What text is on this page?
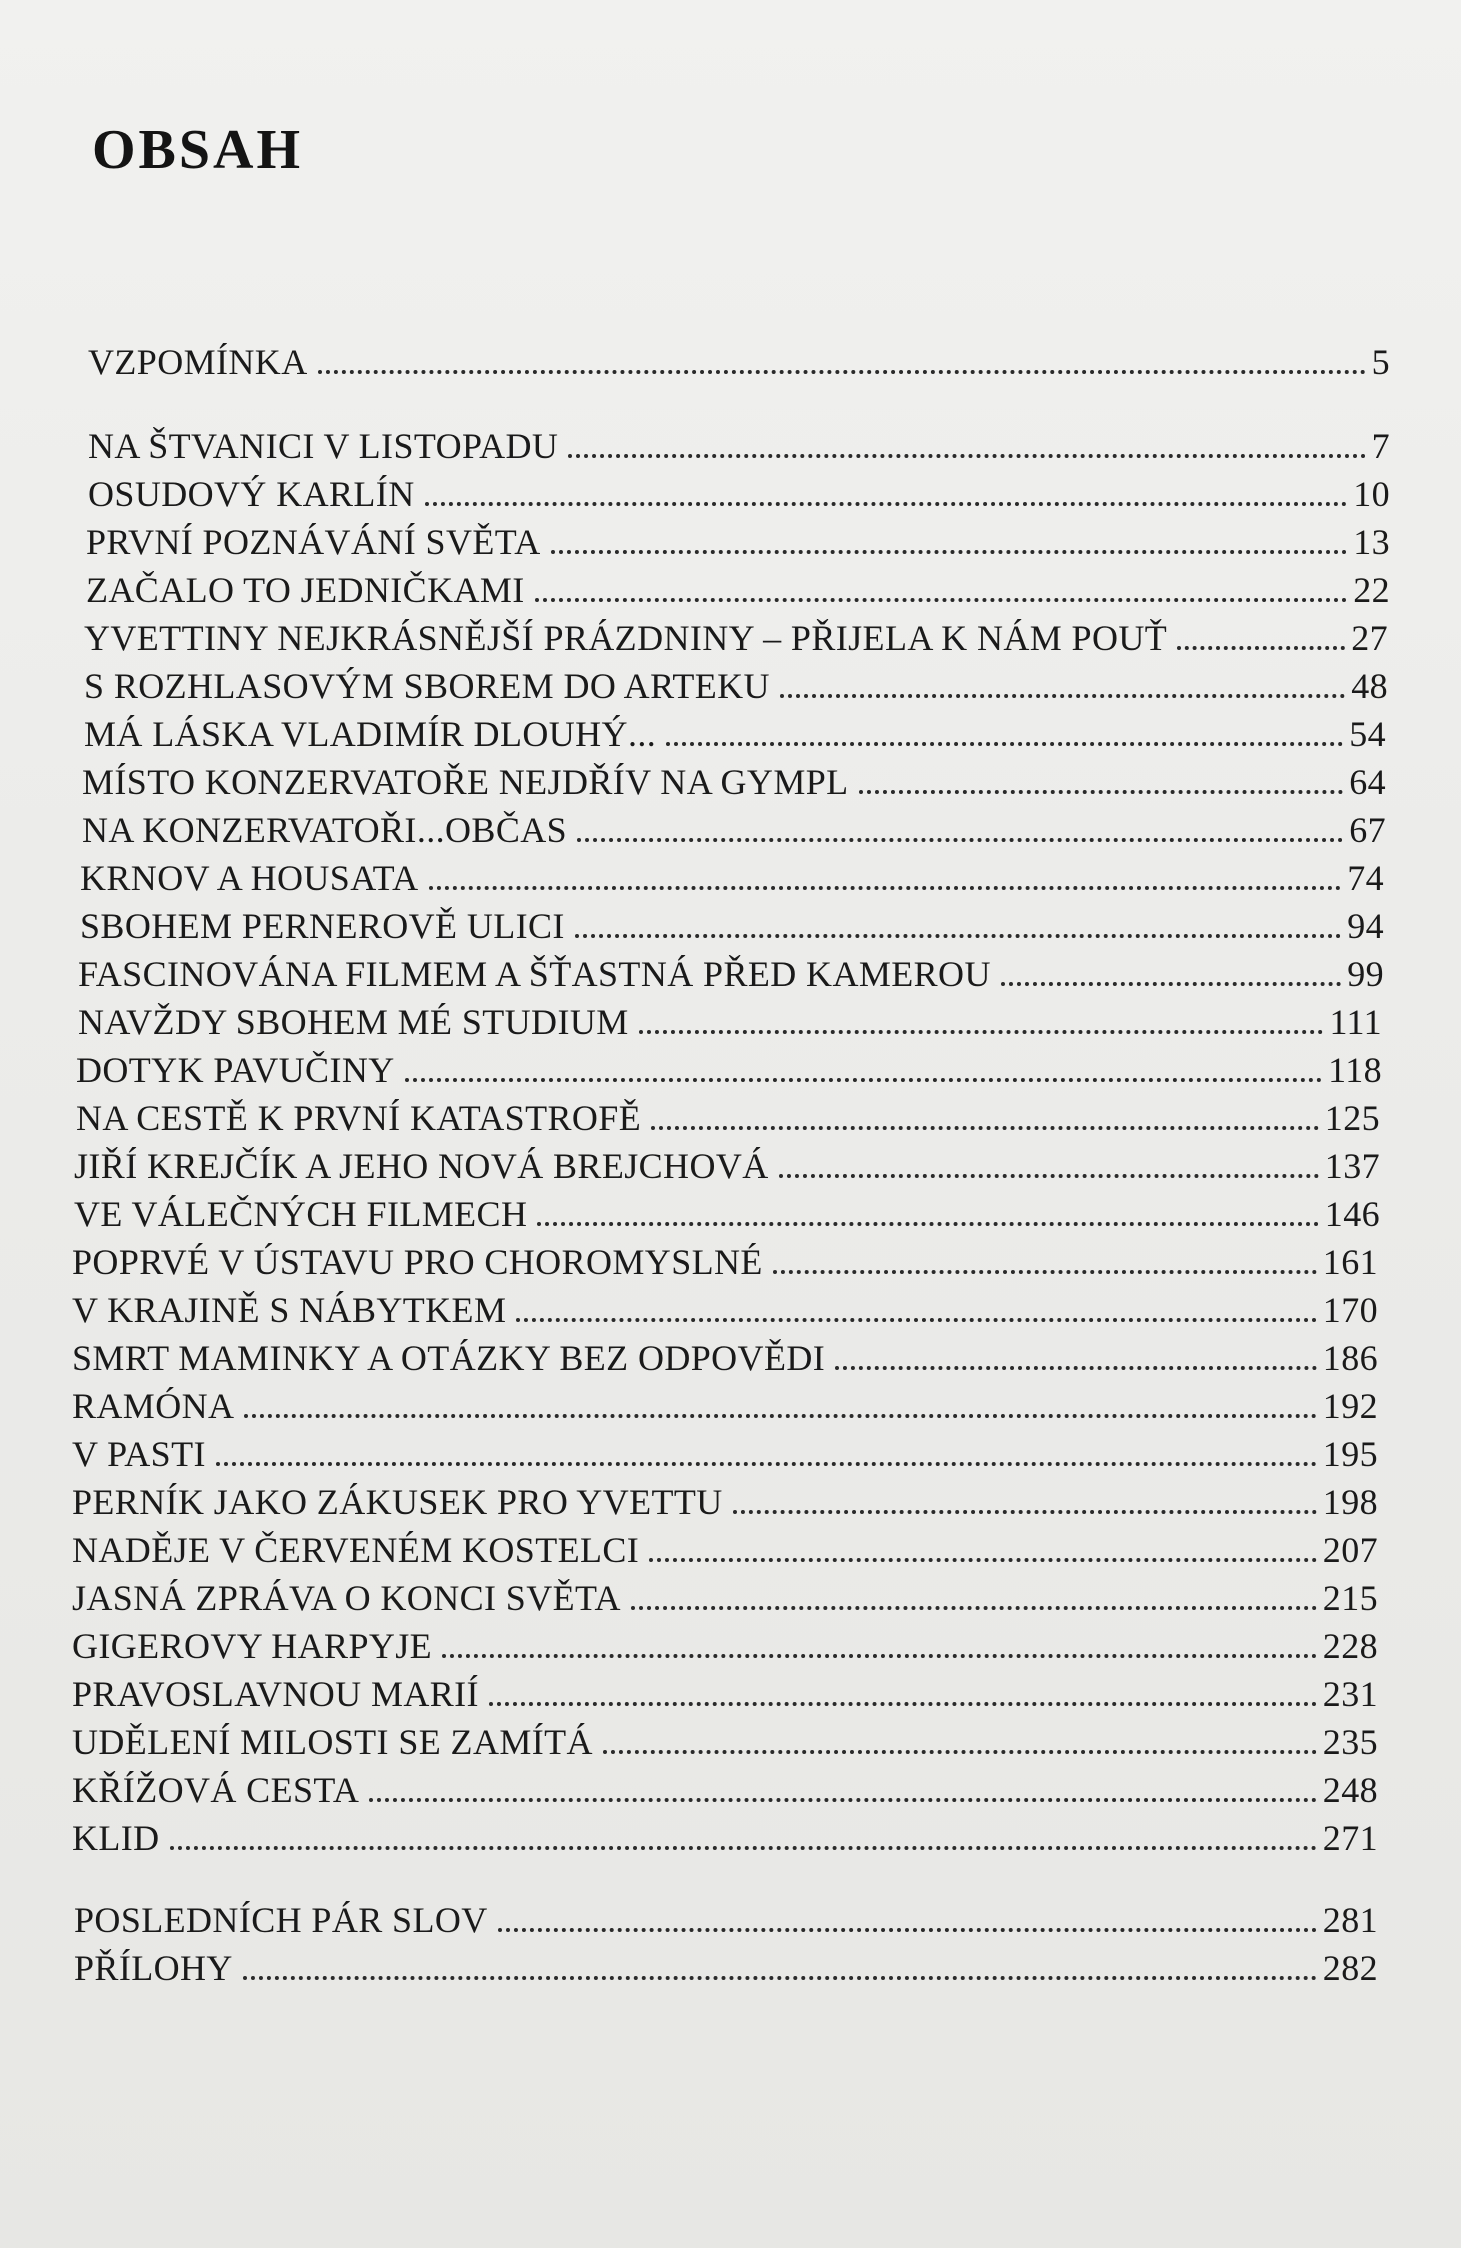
OBSAH
VZPOMÍNKA	5
NA ŠTVANICI V LISTOPADU	7
OSUDOVÝ KARLÍN	10
PRVNÍ POZNÁVÁNÍ SVĚTA	13
ZAČALO TO JEDNIČKAMI	22
YVETTINY NEJKRÁSNĚJŠÍ PRÁZDNINY – PŘIJELA K NÁM POUŤ	27
S ROZHLASOVÝM SBOREM DO ARTEKU	48
MÁ LÁSKA VLADIMÍR DLOUHÝ...	54
MÍSTO KONZERVATOŘE NEJDŘÍV NA GYMPL	64
NA KONZERVATOŘI...OBČAS	67
KRNOV A HOUSATA	74
SBOHEM PERNEROVĚ ULICI	94
FASCINOVÁNA FILMEM A ŠŤASTNÁ PŘED KAMEROU	99
NAVŽDY SBOHEM MÉ STUDIUM	111
DOTYK PAVUČINY	118
NA CESTĚ K PRVNÍ KATASTROFĚ	125
JIŘÍ KREJČÍK A JEHO NOVÁ BREJCHOVÁ	137
VE VÁLEČNÝCH FILMECH	146
POPRVÉ V ÚSTAVU PRO CHOROMYSLNÉ	161
V KRAJINĚ S NÁBYTKEM	170
SMRT MAMINKY A OTÁZKY BEZ ODPOVĚDI	186
RAMÓNA	192
V PASTI	195
PERNÍK JAKO ZÁKUSEK PRO YVETTU	198
NADĚJE V ČERVENÉM KOSTELCI	207
JASNÁ ZPRÁVA O KONCI SVĚTA	215
GIGEROVY HARPYJE	228
PRAVOSLAVNOU MARIÍ	231
UDĚLENÍ MILOSTI SE ZAMÍTÁ	235
KŘÍŽOVÁ CESTA	248
KLID	271
POSLEDNÍCH PÁR SLOV	281
PŘÍLOHY	282
